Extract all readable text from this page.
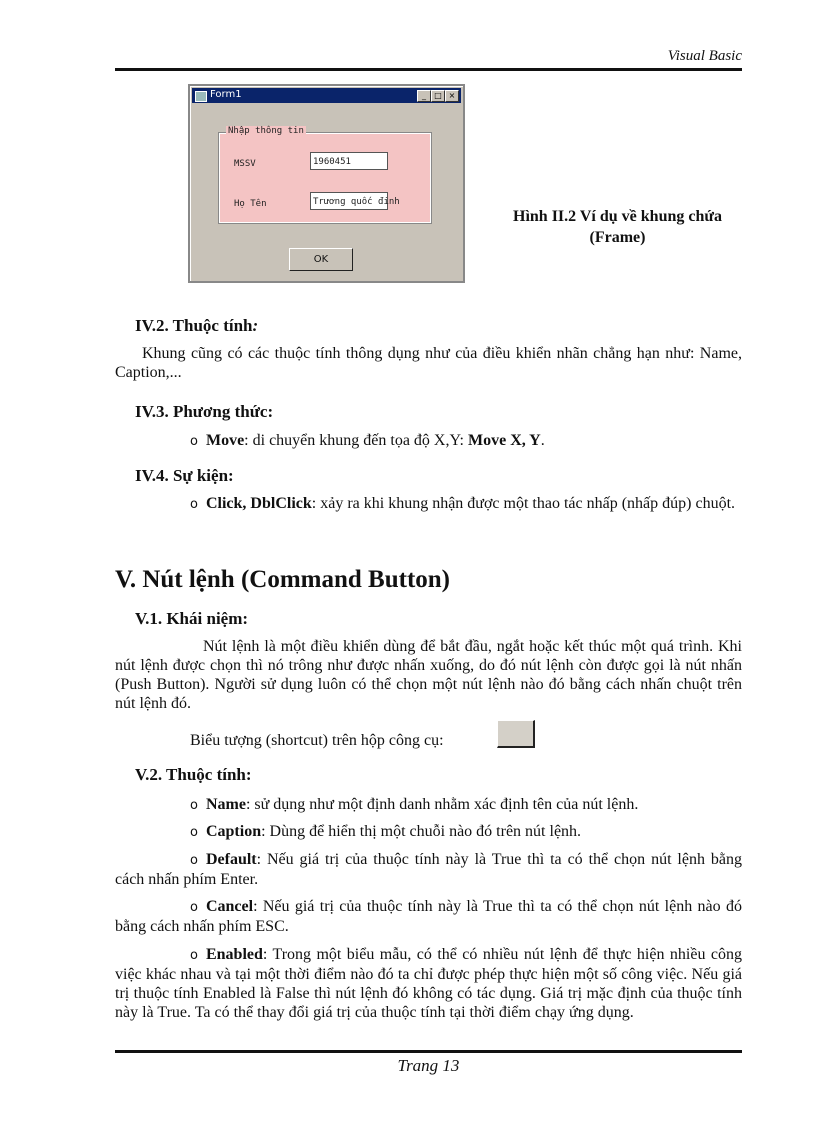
Visual Basic
Form1	_	□ ×
Nhập thông tin
MSSV	1960451
Họ Tên	Trương quốc đinh
OK
Hình II.2 Ví dụ về khung chứa
(Frame)
IV.2. Thuộc tính:
Khung cũng có các thuộc tính thông dụng như của điều khiển nhãn chẳng hạn như: Name, Caption,...
IV.3. Phương thức:
o Move: di chuyển khung đến tọa độ X,Y: Move X, Y.
IV.4. Sự kiện:
o Click, DblClick: xảy ra khi khung nhận được một thao tác nhấp (nhấp đúp) chuột.
V. Nút lệnh (Command Button)
V.1. Khái niệm:
Nút lệnh là một điều khiển dùng để bắt đầu, ngắt hoặc kết thúc một quá trình. Khi nút lệnh được chọn thì nó trông như được nhấn xuống, do đó nút lệnh còn được gọi là nút nhấn (Push Button). Người sử dụng luôn có thể chọn một nút lệnh nào đó bằng cách nhấn chuột trên nút lệnh đó.
Biểu tượng (shortcut) trên hộp công cụ:
V.2. Thuộc tính:
o Name: sử dụng như một định danh nhằm xác định tên của nút lệnh.
o Caption: Dùng để hiển thị một chuỗi nào đó trên nút lệnh.
o Default: Nếu giá trị của thuộc tính này là True thì ta có thể chọn nút lệnh bằng cách nhấn phím Enter.
o Cancel: Nếu giá trị của thuộc tính này là True thì ta có thể chọn nút lệnh nào đó bằng cách nhấn phím ESC.
o Enabled: Trong một biểu mẫu, có thể có nhiều nút lệnh để thực hiện nhiều công việc khác nhau và tại một thời điểm nào đó ta chỉ được phép thực hiện một số công việc. Nếu giá trị thuộc tính Enabled là False thì nút lệnh đó không có tác dụng. Giá trị mặc định của thuộc tính này là True. Ta có thể thay đổi giá trị của thuộc tính tại thời điểm chạy ứng dụng.
Trang 13
